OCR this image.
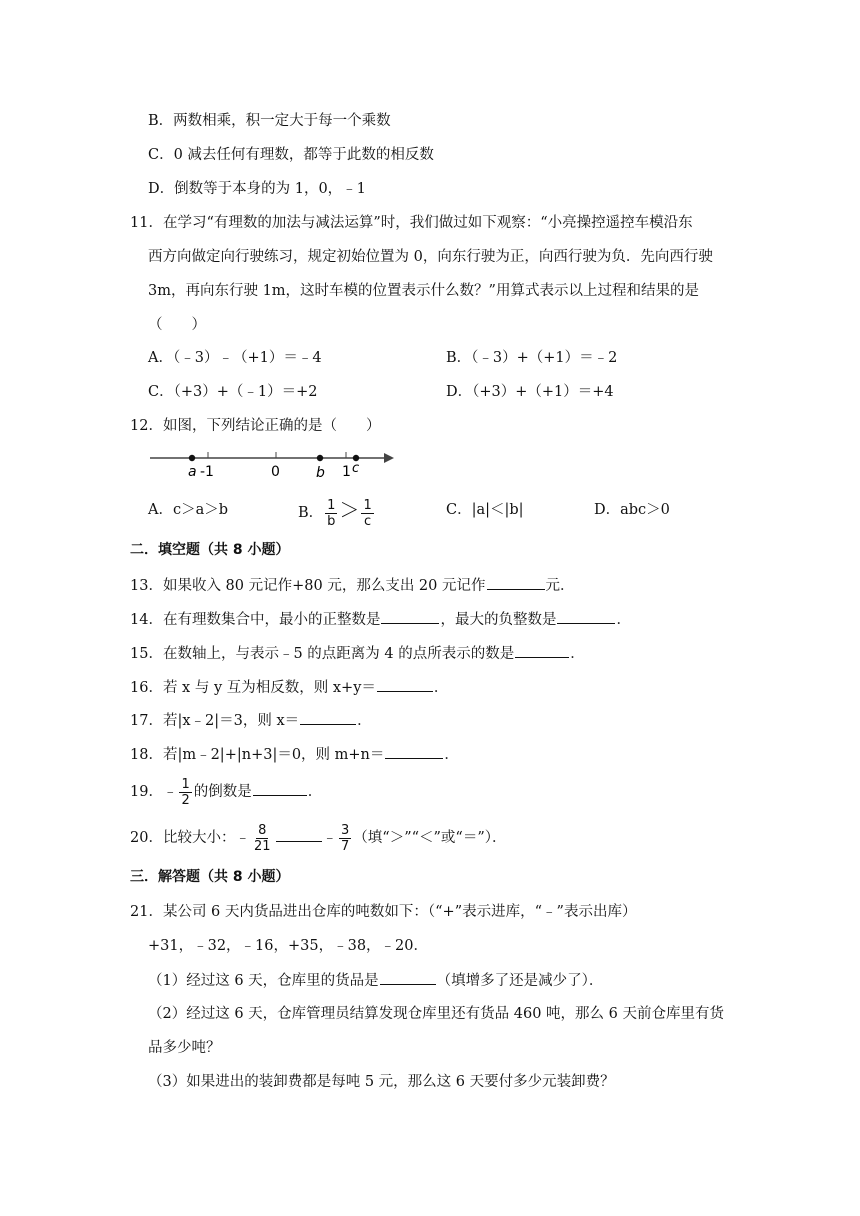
B．两数相乘，积一定大于每一个乘数
C．0 减去任何有理数，都等于此数的相反数
D．倒数等于本身的为 1，0，﹣1
11．在学习“有理数的加法与减法运算”时，我们做过如下观察：“小亮操控遥控车模沿东
西方向做定向行驶练习，规定初始位置为 0，向东行驶为正，向西行驶为负．先向西行驶
3m，再向东行驶 1m，这时车模的位置表示什么数？”用算式表示以上过程和结果的是
（　　）
A．（﹣3）﹣（+1）＝﹣4	B．（﹣3）+（+1）＝﹣2
C．（+3）+（﹣1）＝+2	D．（+3）+（+1）＝+4
12．如图，下列结论正确的是（　　）
a -1	0	b 1 c
A．c＞a＞b	B． $\frac{1}{b} > \frac{1}{c}$	C．|a|＜|b|	D．abc＞0
二．填空题（共 8 小题）
13．如果收入 80 元记作+80 元，那么支出 20 元记作	元．
14．在有理数集合中，最小的正整数是	，最大的负整数是	．
15．在数轴上，与表示﹣5 的点距离为 4 的点所表示的数是	．
16．若 x 与 y 互为相反数，则 x+y＝	．
17．若|x﹣2|＝3，则 x＝	．
18．若|m﹣2|+|n+3|＝0，则 m+n＝	．
19．﹣ $\frac{1}{2}$ 的倒数是	．
20．比较大小：﹣ $\frac{8}{21}$	﹣ $\frac{3}{7}$ （填“＞”“＜”或“＝”）．
三．解答题（共 8 小题）
21．某公司 6 天内货品进出仓库的吨数如下：（“+”表示进库，“﹣”表示出库）
+31，﹣32，﹣16，+35，﹣38，﹣20．
（1）经过这 6 天，仓库里的货品是	（填增多了还是减少了）．
（2）经过这 6 天，仓库管理员结算发现仓库里还有货品 460 吨，那么 6 天前仓库里有货
品多少吨？
（3）如果进出的装卸费都是每吨 5 元，那么这 6 天要付多少元装卸费？
